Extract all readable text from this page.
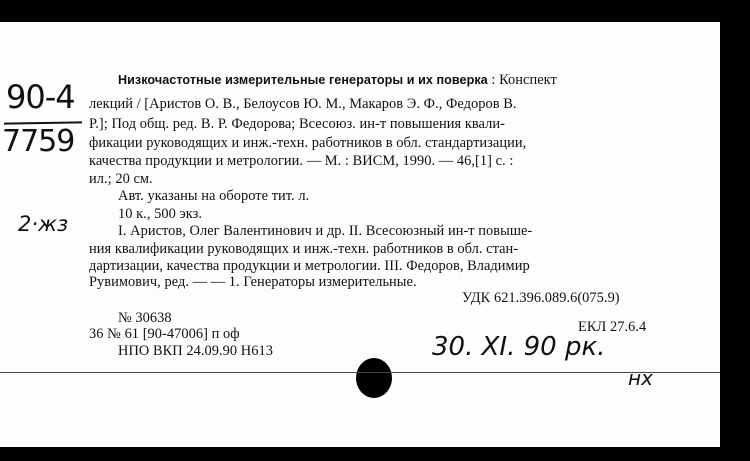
90-4
7759
2·жз
Низкочастотные измерительные генераторы и их поверка : Конспект
лекций / [Аристов О. В., Белоусов Ю. М., Макаров Э. Ф., Федоров В.
Р.]; Под общ. ред. В. Р. Федорова; Всесоюз. ин-т повышения квали-
фикации руководящих и инж.-техн. работников в обл. стандартизации,
качества продукции и метрологии. — М. : ВИСМ, 1990. — 46,[1] с. :
ил.; 20 см.
Авт. указаны на обороте тит. л.
10 к., 500 экз.
I. Аристов, Олег Валентинович и др. II. Всесоюзный ин-т повыше-
ния квалификации руководящих и инж.-техн. работников в обл. стан-
дартизации, качества продукции и метрологии. III. Федоров, Владимир
Рувимович, ред. — — 1. Генераторы измерительные.
УДК 621.396.089.6(075.9)
№ 30638
36 № 61 [90-47006] п оф
НПО ВКП 24.09.90 Н613
ЕКЛ 27.6.4
30. XI. 90 рк.
нх
